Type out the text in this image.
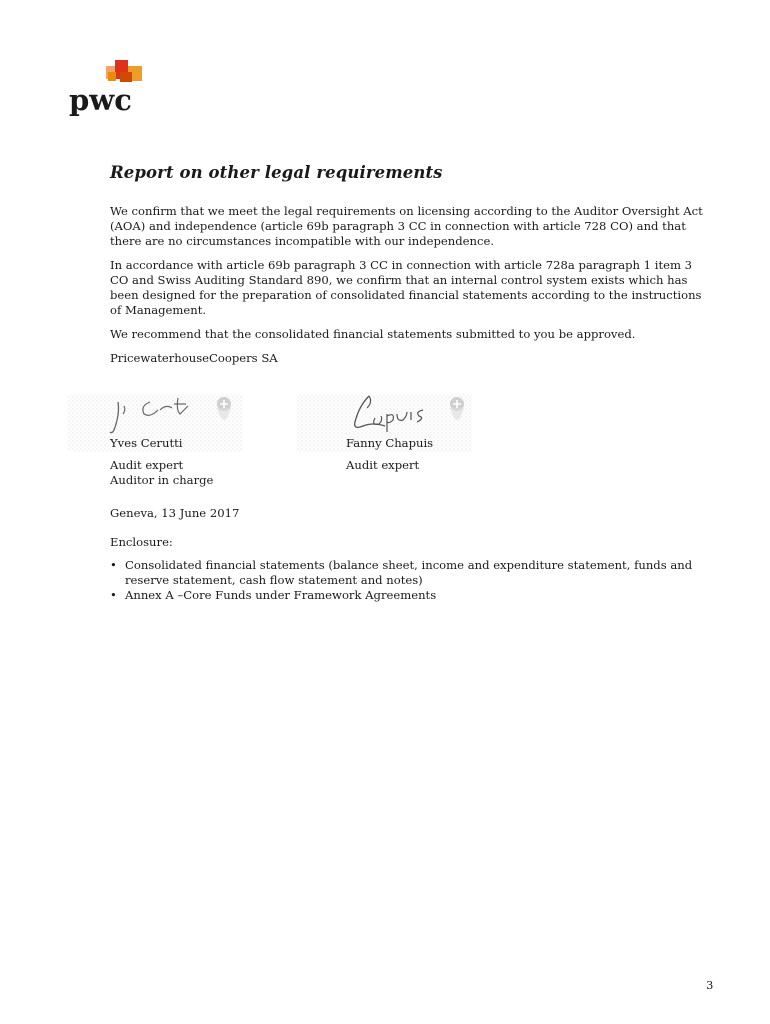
pwc
Report on other legal requirements

We confirm that we meet the legal requirements on licensing according to the Auditor Oversight Act (AOA) and independence (article 69b paragraph 3 CC in connection with article 728 CO) and that there are no circumstances incompatible with our independence.

In accordance with article 69b paragraph 3 CC in connection with article 728a paragraph 1 item 3 CO and Swiss Auditing Standard 890, we confirm that an internal control system exists which has been designed for the preparation of consolidated financial statements according to the instructions of Management.

We recommend that the consolidated financial statements submitted to you be approved.

PricewaterhouseCoopers SA

Yves Cerutti
Audit expert
Auditor in charge
Fanny Chapuis
Audit expert
Geneva, 13 June 2017
Enclosure:
• Consolidated financial statements (balance sheet, income and expenditure statement, funds and reserve statement, cash flow statement and notes)
• Annex A –Core Funds under Framework Agreements
3
